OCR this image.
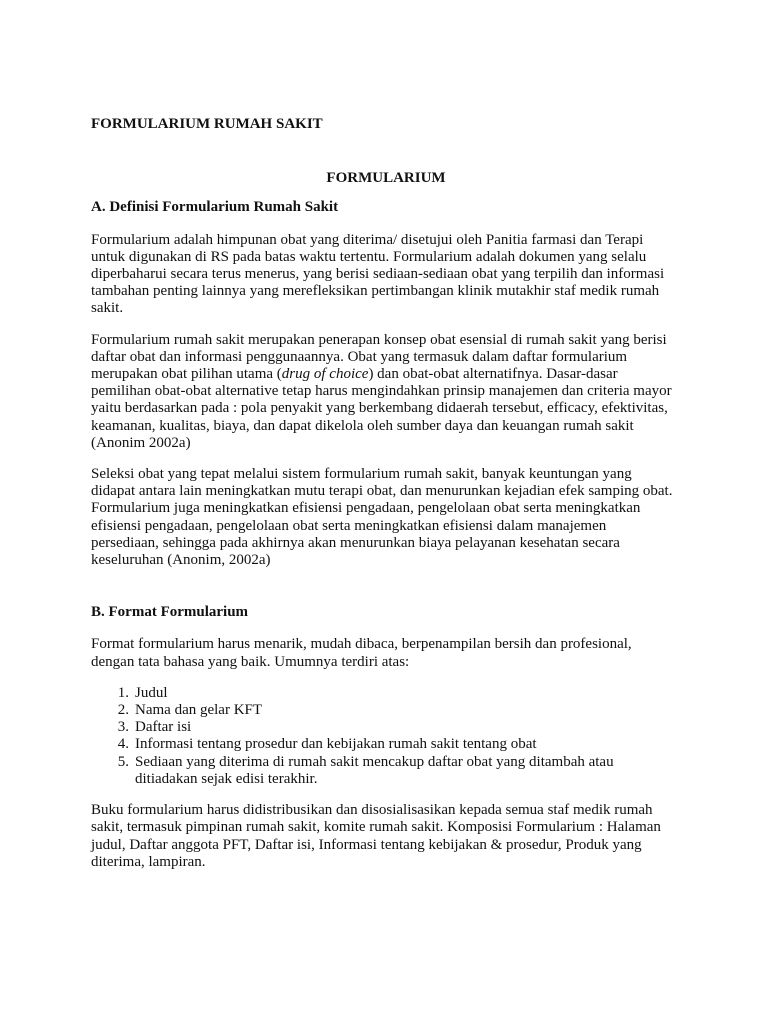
FORMULARIUM RUMAH SAKIT
FORMULARIUM
A. Definisi Formularium Rumah Sakit

Formularium adalah himpunan obat yang diterima/ disetujui oleh Panitia farmasi dan Terapi
untuk digunakan di RS pada batas waktu tertentu. Formularium adalah dokumen yang selalu
diperbaharui secara terus menerus, yang berisi sediaan-sediaan obat yang terpilih dan informasi
tambahan penting lainnya yang merefleksikan pertimbangan klinik mutakhir staf medik rumah
sakit.

Formularium rumah sakit merupakan penerapan konsep obat esensial di rumah sakit yang berisi
daftar obat dan informasi penggunaannya. Obat yang termasuk dalam daftar formularium
merupakan obat pilihan utama (drug of choice) dan obat-obat alternatifnya. Dasar-dasar
pemilihan obat-obat alternative tetap harus mengindahkan prinsip manajemen dan criteria mayor
yaitu berdasarkan pada : pola penyakit yang berkembang didaerah tersebut, efficacy, efektivitas,
keamanan, kualitas, biaya, dan dapat dikelola oleh sumber daya dan keuangan rumah sakit
(Anonim 2002a)

Seleksi obat yang tepat melalui sistem formularium rumah sakit, banyak keuntungan yang
didapat antara lain meningkatkan mutu terapi obat, dan menurunkan kejadian efek samping obat.
Formularium juga meningkatkan efisiensi pengadaan, pengelolaan obat serta meningkatkan
efisiensi pengadaan, pengelolaan obat serta meningkatkan efisiensi dalam manajemen
persediaan, sehingga pada akhirnya akan menurunkan biaya pelayanan kesehatan secara
keseluruhan (Anonim, 2002a)

B. Format Formularium

Format formularium harus menarik, mudah dibaca, berpenampilan bersih dan profesional,
dengan tata bahasa yang baik. Umumnya terdiri atas:

1. Judul
2. Nama dan gelar KFT
3. Daftar isi
4. Informasi tentang prosedur dan kebijakan rumah sakit tentang obat
5. Sediaan yang diterima di rumah sakit mencakup daftar obat yang ditambah atau
ditiadakan sejak edisi terakhir.

Buku formularium harus didistribusikan dan disosialisasikan kepada semua staf medik rumah
sakit, termasuk pimpinan rumah sakit, komite rumah sakit. Komposisi Formularium : Halaman
judul, Daftar anggota PFT, Daftar isi, Informasi tentang kebijakan & prosedur, Produk yang
diterima, lampiran.
